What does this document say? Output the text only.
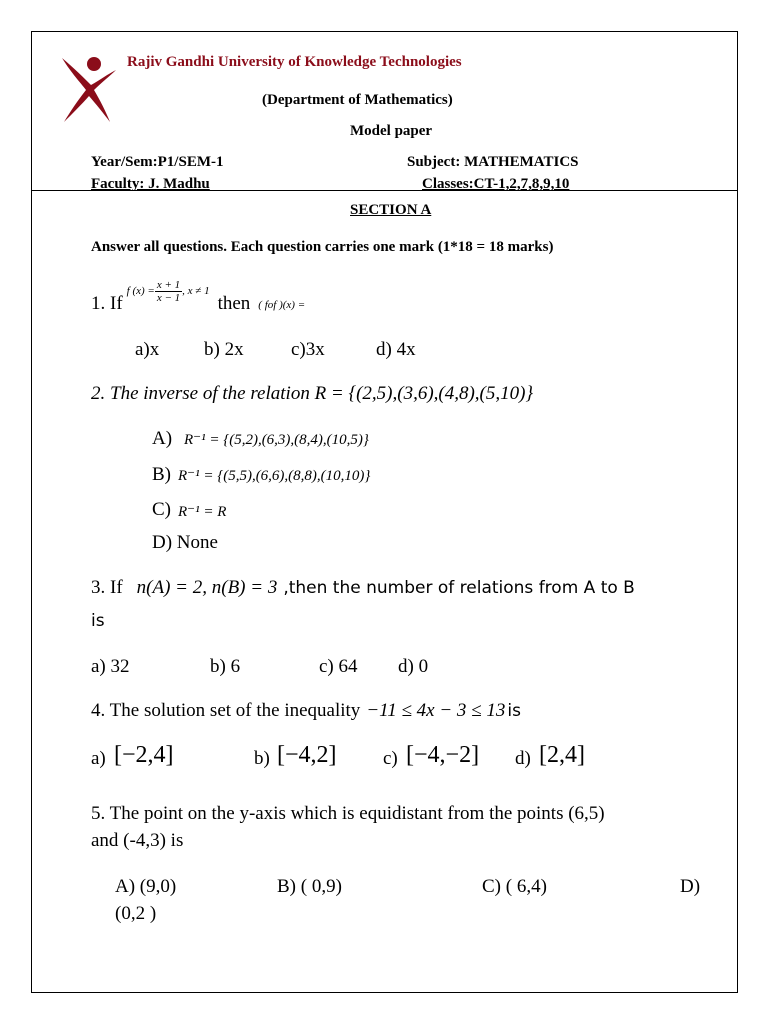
Rajiv Gandhi University of Knowledge Technologies
(Department of Mathematics)
Model paper
Year/Sem:P1/SEM-1	Subject: MATHEMATICS
Faculty: J. Madhu	Classes:CT-1,2,7,8,9,10
SECTION A
Answer all questions. Each question carries one mark (1*18 = 18 marks)
1. If
f $(x) = \frac{x + 1}{x - 1}$ , x ≠ 1
then ( fof )(x) =
a)x b) 2x c)3x	d) 4x
2. The inverse of the relation R = {(2,5),(3,6),(4,8),(5,10)}
A) R⁻¹ = {(5,2),(6,3),(8,4),(10,5)}
B) R⁻¹ = {(5,5),(6,6),(8,8),(10,10)}
C) R⁻¹ = R
D) None
3. If n(A) = 2, n(B) = 3 ,then the number of relations from A to B
is
a) 32	b) 6	c) 64 d) 0
4. The solution set of the inequality −11 ≤ 4x − 3 ≤ 13 is
a) [−2,4]	b) [−4,2] c) [−4,−2] d) [2,4]
5. The point on the y-axis which is equidistant from the points (6,5)
and (-4,3) is
A) (9,0)	B) ( 0,9)	C) ( 6,4)	D)
(0,2 )
